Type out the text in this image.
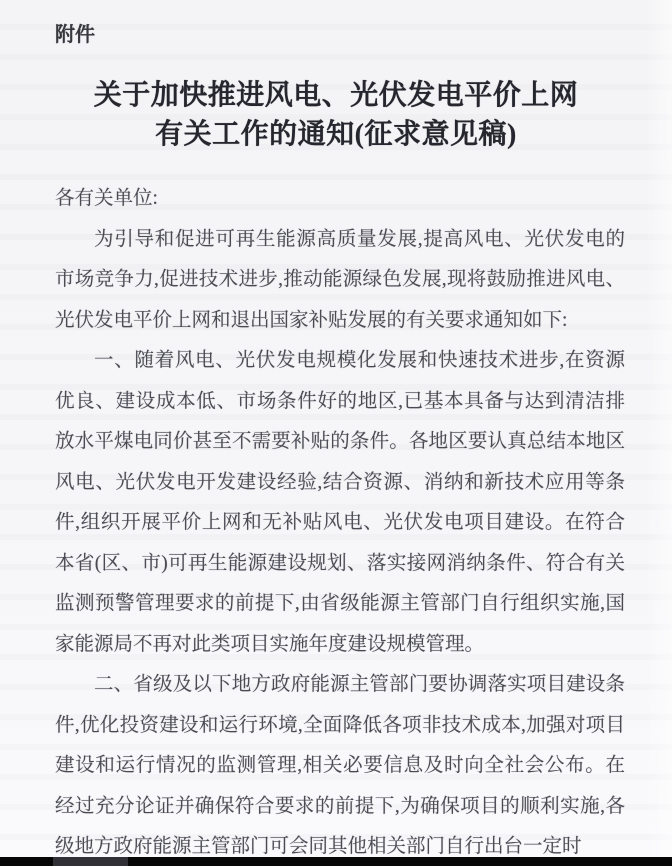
附件
关于加快推进风电、光伏发电平价上网
有关工作的通知(征求意见稿)

各有关单位:

为引导和促进可再生能源高质量发展,提高风电、光伏发电的市场竞争力,促进技术进步,推动能源绿色发展,现将鼓励推进风电、光伏发电平价上网和退出国家补贴发展的有关要求通知如下:

一、随着风电、光伏发电规模化发展和快速技术进步,在资源优良、建设成本低、市场条件好的地区,已基本具备与达到清洁排放水平煤电同价甚至不需要补贴的条件。各地区要认真总结本地区风电、光伏发电开发建设经验,结合资源、消纳和新技术应用等条件,组织开展平价上网和无补贴风电、光伏发电项目建设。在符合本省(区、市)可再生能源建设规划、落实接网消纳条件、符合有关监测预警管理要求的前提下,由省级能源主管部门自行组织实施,国家能源局不再对此类项目实施年度建设规模管理。

二、省级及以下地方政府能源主管部门要协调落实项目建设条件,优化投资建设和运行环境,全面降低各项非技术成本,加强对项目建设和运行情况的监测管理,相关必要信息及时向全社会公布。在经过充分论证并确保符合要求的前提下,为确保项目的顺利实施,各级地方政府能源主管部门可会同其他相关部门自行出台一定时
